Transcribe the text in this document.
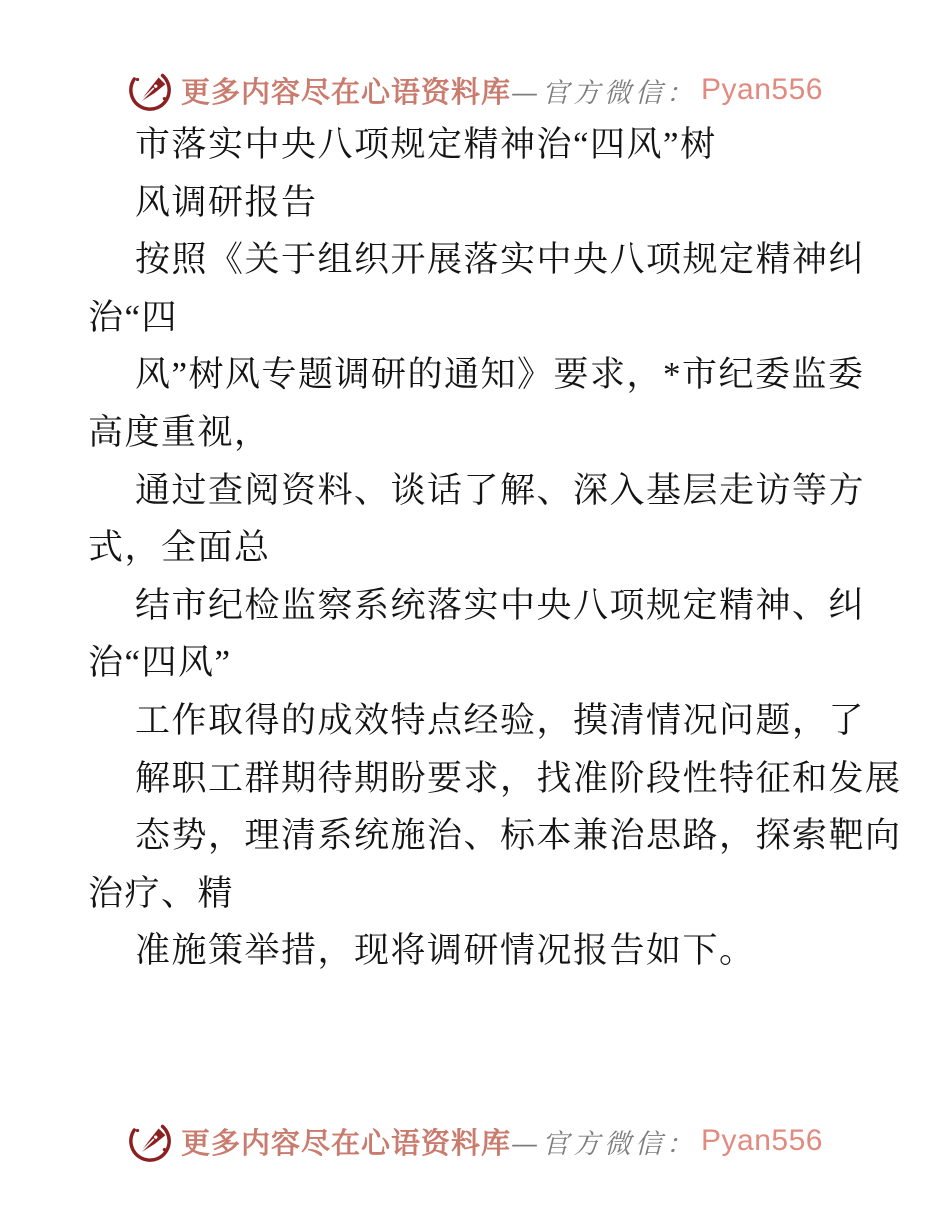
更多内容尽在心语资料库 —官方微信： Pyan556
市落实中央八项规定精神治“四风”树
风调研报告
按照《关于组织开展落实中央八项规定精神纠
治“四
风”树风专题调研的通知》要求，*市纪委监委
高度重视，
通过查阅资料、谈话了解、深入基层走访等方
式，全面总
结市纪检监察系统落实中央八项规定精神、纠
治“四风”
工作取得的成效特点经验，摸清情况问题，了
解职工群期待期盼要求，找准阶段性特征和发展
态势，理清系统施治、标本兼治思路，探索靶向
治疗、精
准施策举措，现将调研情况报告如下。
更多内容尽在心语资料库 —官方微信： Pyan556
